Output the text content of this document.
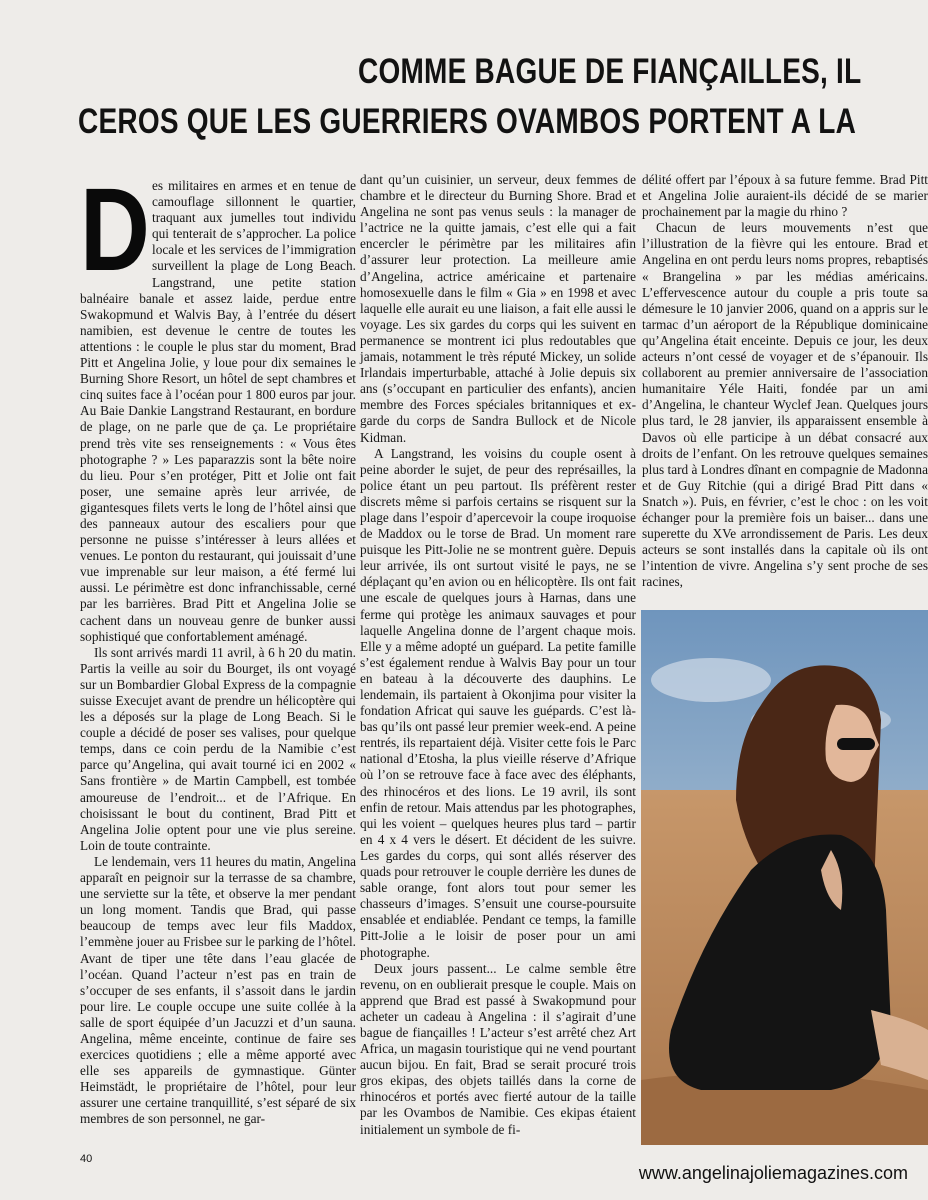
COMME BAGUE DE FIANÇAILLES, IL
CEROS QUE LES GUERRIERS OVAMBOS PORTENT A LA
D es militaires en armes et en tenue de camouflage sillonnent le quartier, traquant aux jumelles tout individu qui tenterait de s’approcher. La police locale et les services de l’immigration surveillent la plage de Long Beach. Langstrand, une petite station balnéaire banale et assez laide, perdue entre Swakopmund et Walvis Bay, à l’entrée du désert namibien, est devenue le centre de toutes les attentions : le couple le plus star du moment, Brad Pitt et Angelina Jolie, y loue pour dix semaines le Burning Shore Resort, un hôtel de sept chambres et cinq suites face à l’océan pour 1 800 euros par jour. Au Baie Dankie Langstrand Restaurant, en bordure de plage, on ne parle que de ça. Le propriétaire prend très vite ses renseignements : « Vous êtes photographe ? » Les paparazzis sont la bête noire du lieu. Pour s’en protéger, Pitt et Jolie ont fait poser, une semaine après leur arrivée, de gigantesques filets verts le long de l’hôtel ainsi que des panneaux autour des escaliers pour que personne ne puisse s’intéresser à leurs allées et venues. Le ponton du restaurant, qui jouissait d’une vue imprenable sur leur maison, a été fermé lui aussi. Le périmètre est donc infranchissable, cerné par les barrières. Brad Pitt et Angelina Jolie se cachent dans un nouveau genre de bunker aussi sophistiqué que confortablement aménagé.

Ils sont arrivés mardi 11 avril, à 6 h 20 du matin. Partis la veille au soir du Bourget, ils ont voyagé sur un Bombardier Global Express de la compagnie suisse Execujet avant de prendre un hélicoptère qui les a déposés sur la plage de Long Beach. Si le couple a décidé de poser ses valises, pour quelque temps, dans ce coin perdu de la Namibie c’est parce qu’Angelina, qui avait tourné ici en 2002 « Sans frontière » de Martin Campbell, est tombée amoureuse de l’endroit... et de l’Afrique. En choisissant le bout du continent, Brad Pitt et Angelina Jolie optent pour une vie plus sereine. Loin de toute contrainte.

Le lendemain, vers 11 heures du matin, Angelina apparaît en peignoir sur la terrasse de sa chambre, une serviette sur la tête, et observe la mer pendant un long moment. Tandis que Brad, qui passe beaucoup de temps avec leur fils Maddox, l’emmène jouer au Frisbee sur le parking de l’hôtel. Avant de tiper une tête dans l’eau glacée de l’océan. Quand l’acteur n’est pas en train de s’occuper de ses enfants, il s’assoit dans le jardin pour lire. Le couple occupe une suite collée à la salle de sport équipée d’un Jacuzzi et d’un sauna. Angelina, même enceinte, continue de faire ses exercices quotidiens ; elle a même apporté avec elle ses appareils de gymnastique. Günter Heimstädt, le propriétaire de l’hôtel, pour leur assurer une certaine tranquillité, s’est séparé de six membres de son personnel, ne gar-

dant qu’un cuisinier, un serveur, deux femmes de chambre et le directeur du Burning Shore. Brad et Angelina ne sont pas venus seuls : la manager de l’actrice ne la quitte jamais, c’est elle qui a fait encercler le périmètre par les militaires afin d’assurer leur protection. La meilleure amie d’Angelina, actrice américaine et partenaire homosexuelle dans le film « Gia » en 1998 et avec laquelle elle aurait eu une liaison, a fait elle aussi le voyage. Les six gardes du corps qui les suivent en permanence se montrent ici plus redoutables que jamais, notamment le très réputé Mickey, un solide Irlandais imperturbable, attaché à Jolie depuis six ans (s’occupant en particulier des enfants), ancien membre des Forces spéciales britanniques et ex-garde du corps de Sandra Bullock et de Nicole Kidman.

A Langstrand, les voisins du couple osent à peine aborder le sujet, de peur des représailles, la police étant un peu partout. Ils préfèrent rester discrets même si parfois certains se risquent sur la plage dans l’espoir d’apercevoir la coupe iroquoise de Maddox ou le torse de Brad. Un moment rare puisque les Pitt-Jolie ne se montrent guère. Depuis leur arrivée, ils ont surtout visité le pays, ne se déplaçant qu’en avion ou en hélicoptère. Ils ont fait une escale de quelques jours à Harnas, dans une ferme qui protège les animaux sauvages et pour laquelle Angelina donne de l’argent chaque mois. Elle y a même adopté un guépard. La petite famille s’est également rendue à Walvis Bay pour un tour en bateau à la découverte des dauphins. Le lendemain, ils partaient à Okonjima pour visiter la fondation Africat qui sauve les guépards. C’est là-bas qu’ils ont passé leur premier week-end. A peine rentrés, ils repartaient déjà. Visiter cette fois le Parc national d’Etosha, la plus vieille réserve d’Afrique où l’on se retrouve face à face avec des éléphants, des rhinocéros et des lions. Le 19 avril, ils sont enfin de retour. Mais attendus par les photographes, qui les voient – quelques heures plus tard – partir en 4 x 4 vers le désert. Et décident de les suivre. Les gardes du corps, qui sont allés réserver des quads pour retrouver le couple derrière les dunes de sable orange, font alors tout pour semer les chasseurs d’images. S’ensuit une course-poursuite ensablée et endiablée. Pendant ce temps, la famille Pitt-Jolie a le loisir de poser pour un ami photographe.

Deux jours passent... Le calme semble être revenu, on en oublierait presque le couple. Mais on apprend que Brad est passé à Swakopmund pour acheter un cadeau à Angelina : il s’agirait d’une bague de fiançailles ! L’acteur s’est arrêté chez Art Africa, un magasin touristique qui ne vend pourtant aucun bijou. En fait, Brad se serait procuré trois gros ekipas, des objets taillés dans la corne de rhinocéros et portés avec fierté autour de la taille par les Ovambos de Namibie. Ces ekipas étaient initialement un symbole de fi-

délité offert par l’époux à sa future femme. Brad Pitt et Angelina Jolie auraient-ils décidé de se marier prochainement par la magie du rhino ?

Chacun de leurs mouvements n’est que l’illustration de la fièvre qui les entoure. Brad et Angelina en ont perdu leurs noms propres, rebaptisés « Brangelina » par les médias américains. L’effervescence autour du couple a pris toute sa démesure le 10 janvier 2006, quand on a appris sur le tarmac d’un aéroport de la République dominicaine qu’Angelina était enceinte. Depuis ce jour, les deux acteurs n’ont cessé de voyager et de s’épanouir. Ils collaborent au premier anniversaire de l’association humanitaire Yéle Haiti, fondée par un ami d’Angelina, le chanteur Wyclef Jean. Quelques jours plus tard, le 28 janvier, ils apparaissent ensemble à Davos où elle participe à un débat consacré aux droits de l’enfant. On les retrouve quelques semaines plus tard à Londres dînant en compagnie de Madonna et de Guy Ritchie (qui a dirigé Brad Pitt dans « Snatch »). Puis, en février, c’est le choc : on les voit échanger pour la première fois un baiser... dans une superette du XVe arrondissement de Paris. Les deux acteurs se sont installés dans la capitale où ils ont l’intention de vivre. Angelina s’y sent proche de ses racines,

40
www.angelinajoliemagazines.com
